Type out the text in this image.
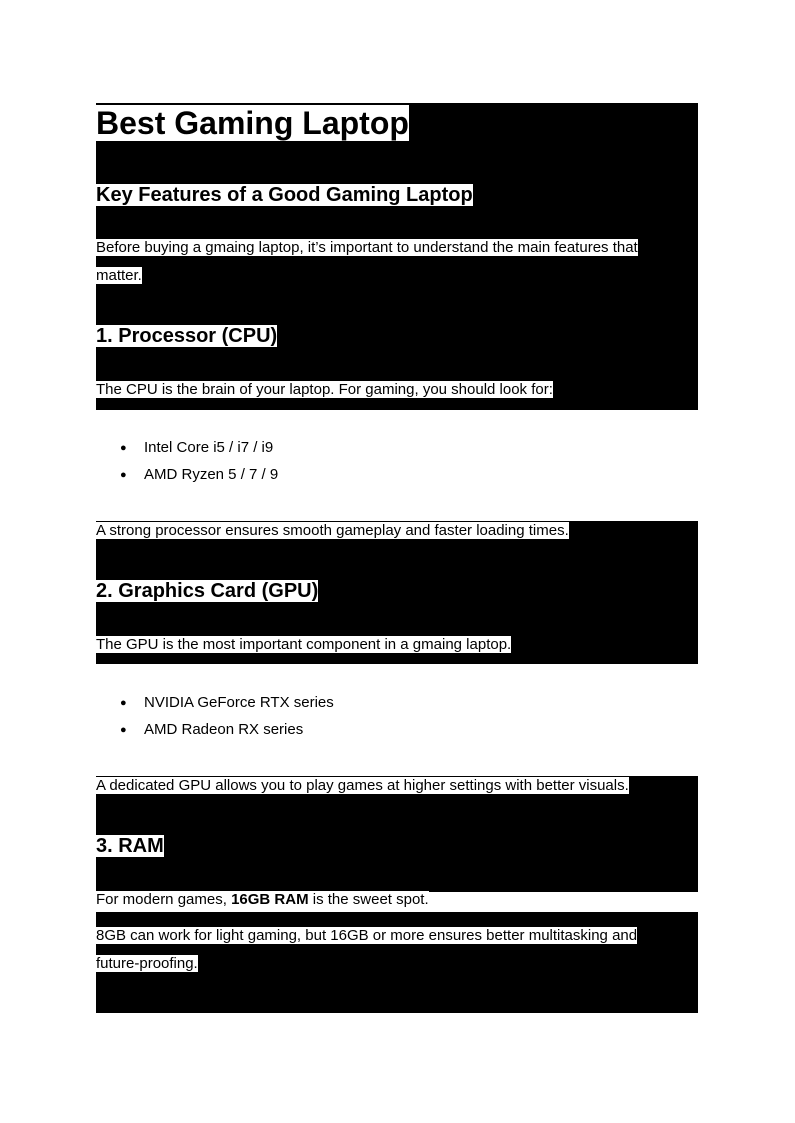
Best Gaming Laptop
Key Features of a Good Gaming Laptop
Before buying a gmaing laptop, it’s important to understand the main features that
matter.
1. Processor (CPU)
The CPU is the brain of your laptop. For gaming, you should look for:
● Intel Core i5 / i7 / i9
● AMD Ryzen 5 / 7 / 9
A strong processor ensures smooth gameplay and faster loading times.
2. Graphics Card (GPU)
The GPU is the most important component in a gmaing laptop.
● NVIDIA GeForce RTX series
● AMD Radeon RX series
A dedicated GPU allows you to play games at higher settings with better visuals.
3. RAM
For modern games, 16GB RAM is the sweet spot.
8GB can work for light gaming, but 16GB or more ensures better multitasking and
future-proofing.
